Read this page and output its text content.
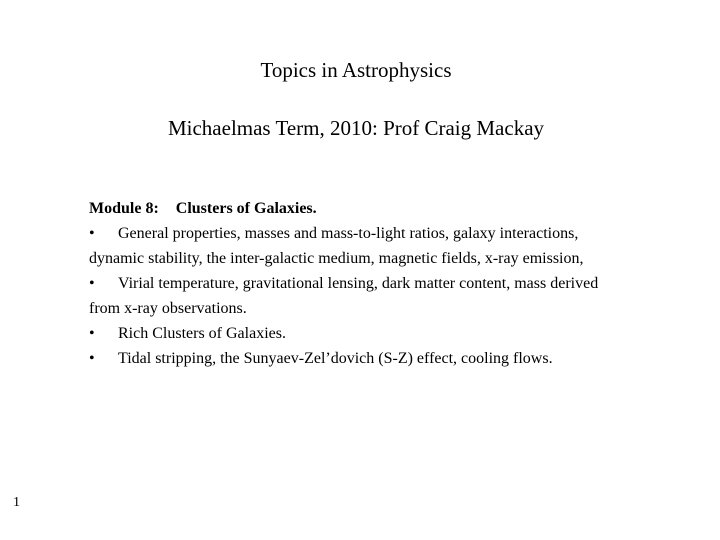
Topics in Astrophysics
Michaelmas Term, 2010: Prof Craig Mackay
Module 8: Clusters of Galaxies.
• General properties, masses and mass-to-light ratios, galaxy interactions,
dynamic stability, the inter-galactic medium, magnetic fields, x-ray emission,
• Virial temperature, gravitational lensing, dark matter content, mass derived
from x-ray observations.
• Rich Clusters of Galaxies.
• Tidal stripping, the Sunyaev-Zel’dovich (S-Z) effect, cooling flows.
1
